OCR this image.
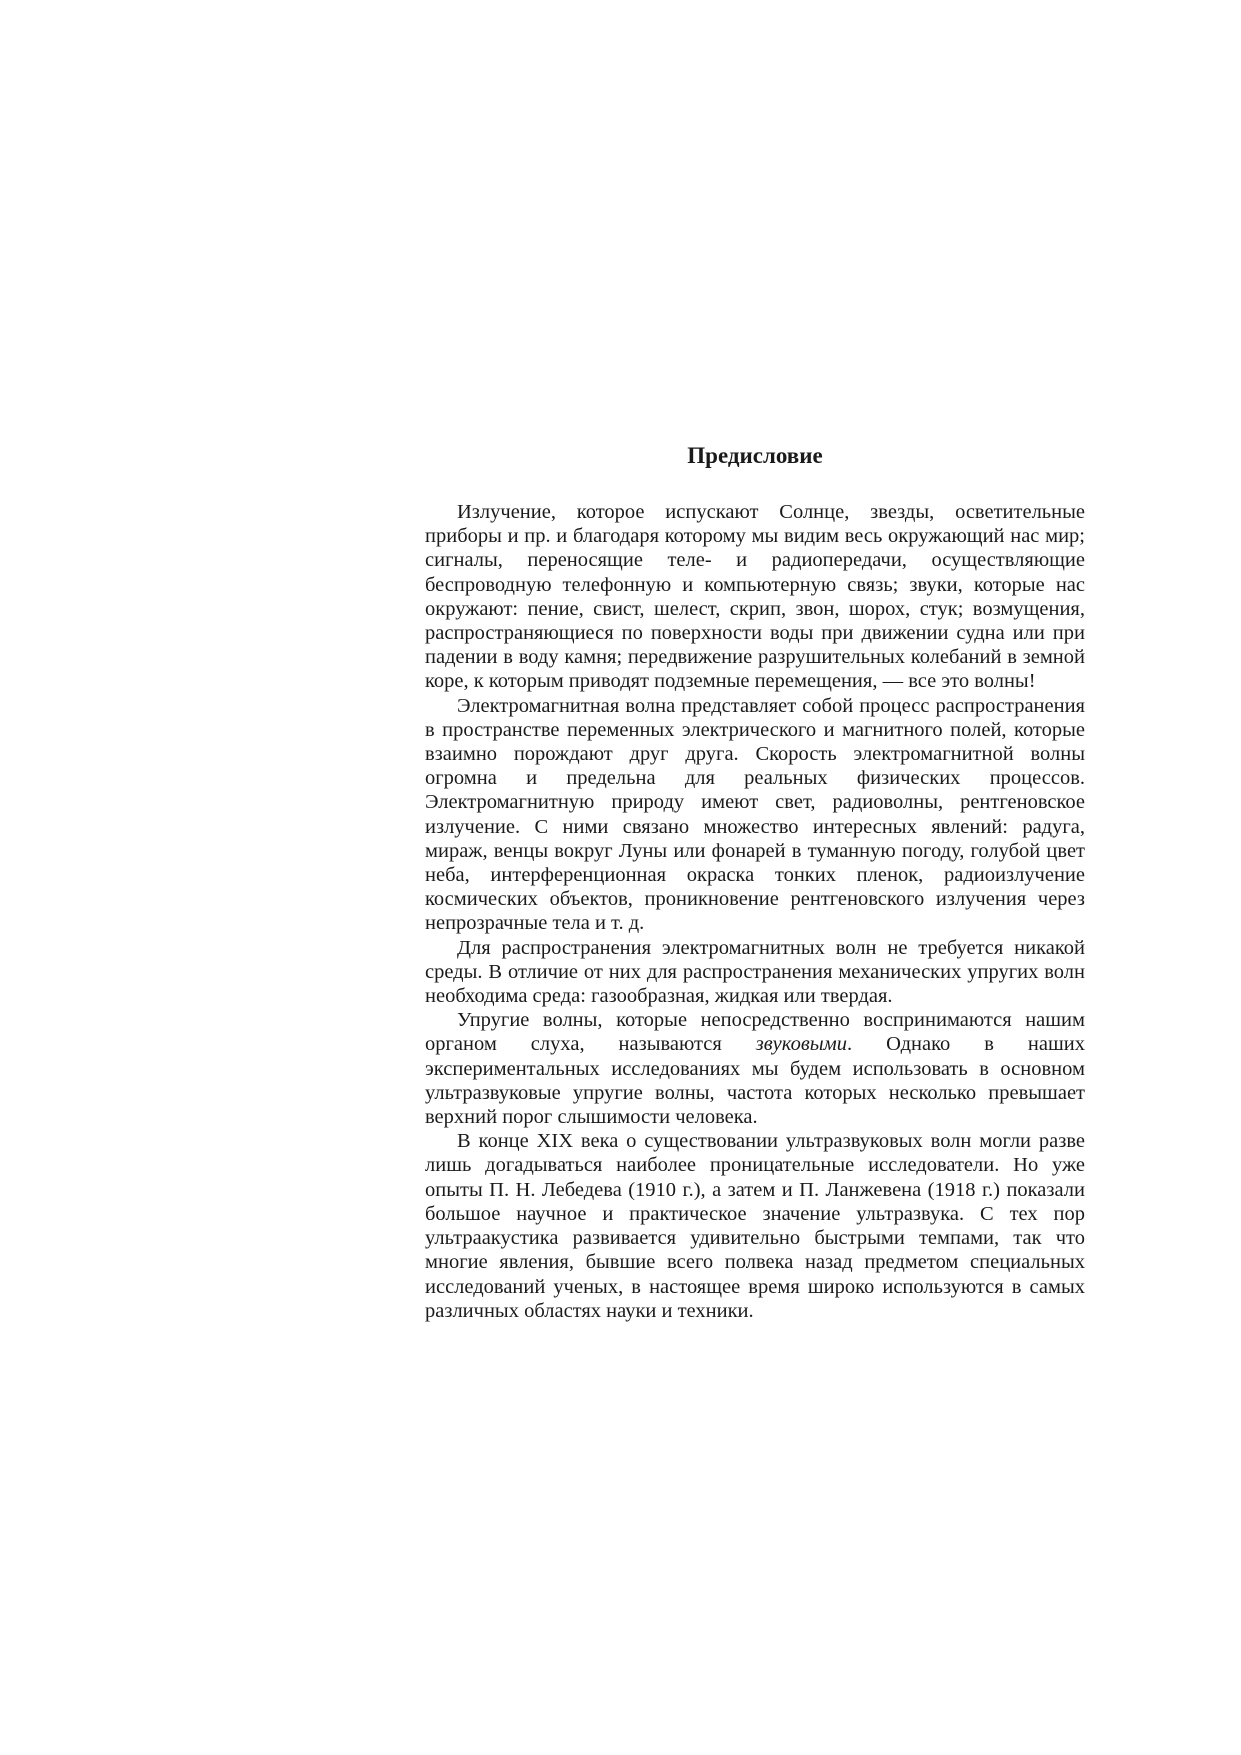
Предисловие

Излучение, которое испускают Солнце, звезды, осветительные приборы и пр. и благодаря которому мы видим весь окружающий нас мир; сигналы, переносящие теле- и радиопередачи, осуществляющие беспроводную телефонную и компьютерную связь; звуки, которые нас окружают: пение, свист, шелест, скрип, звон, шорох, стук; возмущения, распространяющиеся по поверхности воды при движении судна или при падении в воду камня; передвижение разрушительных колебаний в земной коре, к которым приводят подземные перемещения, — все это волны!

Электромагнитная волна представляет собой процесс распространения в пространстве переменных электрического и магнитного полей, которые взаимно порождают друг друга. Скорость электромагнитной волны огромна и предельна для реальных физических процессов. Электромагнитную природу имеют свет, радиоволны, рентгеновское излучение. С ними связано множество интересных явлений: радуга, мираж, венцы вокруг Луны или фонарей в туманную погоду, голубой цвет неба, интерференционная окраска тонких пленок, радиоизлучение космических объектов, проникновение рентгеновского излучения через непрозрачные тела и т. д.

Для распространения электромагнитных волн не требуется никакой среды. В отличие от них для распространения механических упругих волн необходима среда: газообразная, жидкая или твердая.

Упругие волны, которые непосредственно воспринимаются нашим органом слуха, называются звуковыми. Однако в наших экспериментальных исследованиях мы будем использовать в основном ультразвуковые упругие волны, частота которых несколько превышает верхний порог слышимости человека.

В конце XIX века о существовании ультразвуковых волн могли разве лишь догадываться наиболее проницательные исследователи. Но уже опыты П. Н. Лебедева (1910 г.), а затем и П. Ланжевена (1918 г.) показали большое научное и практическое значение ультразвука. С тех пор ультраакустика развивается удивительно быстрыми темпами, так что многие явления, бывшие всего полвека назад предметом специальных исследований ученых, в настоящее время широко используются в самых различных областях науки и техники.
